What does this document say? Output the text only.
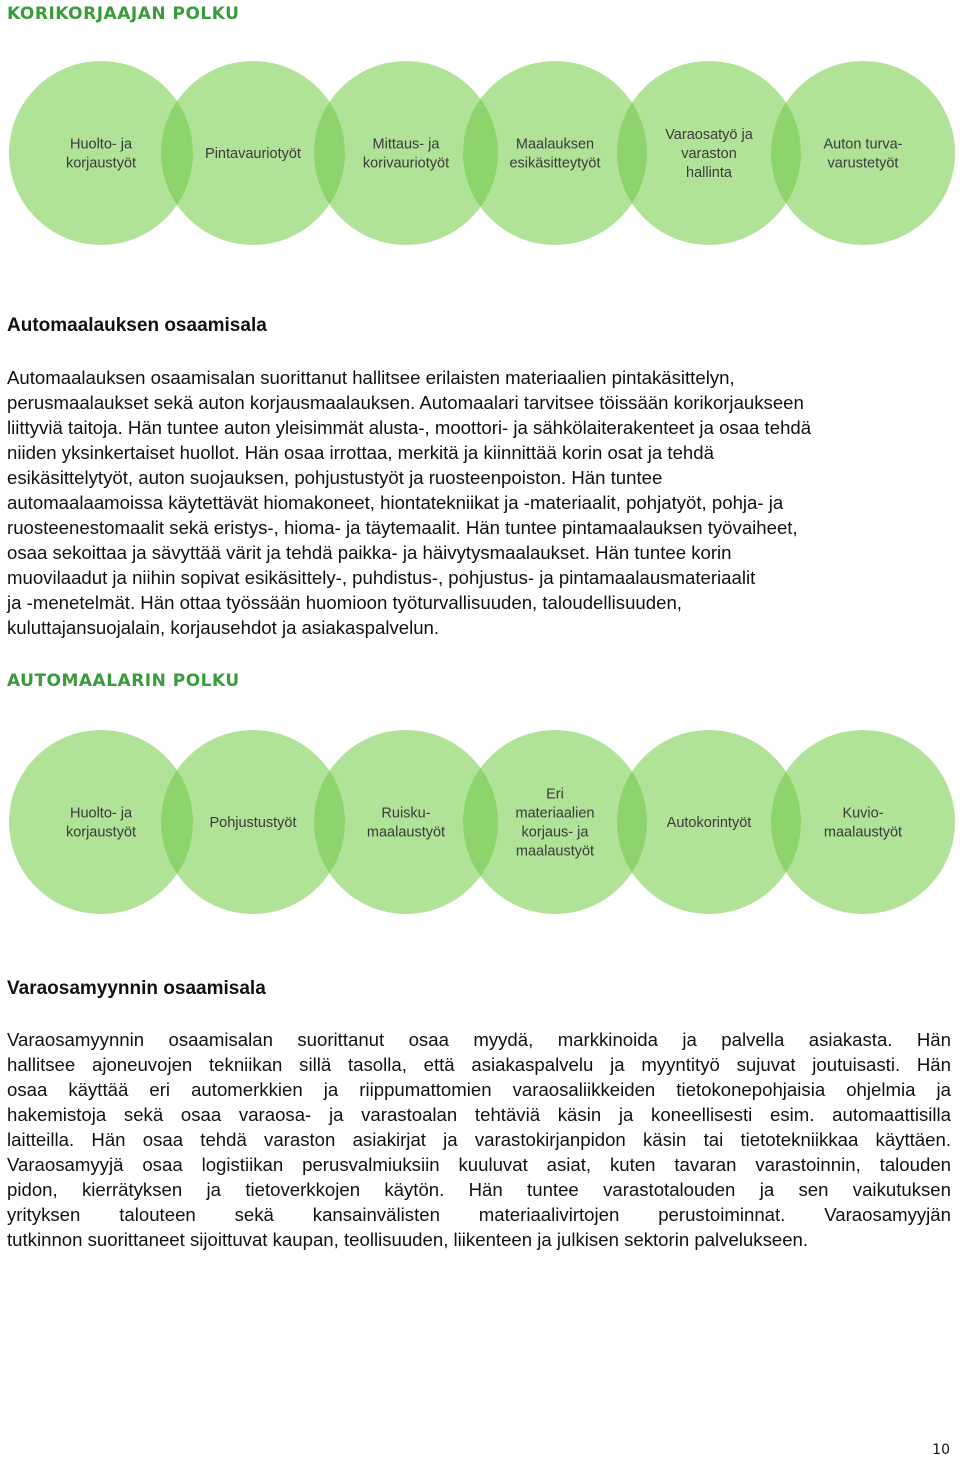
KORIKORJAAJAN POLKU
Huolto- ja korjaustyöt
Pintavauriotyöt
Mittaus- ja korivauriotyöt
Maalauksen esikäsitteytyöt
Varaosatyö ja varaston hallinta
Auton turva-varustetyöt
Automaalauksen osaamisala
Automaalauksen osaamisalan suorittanut hallitsee erilaisten materiaalien pintakäsittelyn,
perusmaalaukset sekä auton korjausmaalauksen. Automaalari tarvitsee töissään korikorjaukseen
liittyviä taitoja. Hän tuntee auton yleisimmät alusta-, moottori- ja sähkölaiterakenteet ja osaa tehdä
niiden yksinkertaiset huollot. Hän osaa irrottaa, merkitä ja kiinnittää korin osat ja tehdä
esikäsittelytyöt, auton suojauksen, pohjustustyöt ja ruosteenpoiston. Hän tuntee
automaalaamoissa käytettävät hiomakoneet, hiontatekniikat ja -materiaalit, pohjatyöt, pohja- ja
ruosteenestomaalit sekä eristys-, hioma- ja täytemaalit. Hän tuntee pintamaalauksen työvaiheet,
osaa sekoittaa ja sävyttää värit ja tehdä paikka- ja häivytysmaalaukset. Hän tuntee korin
muovilaadut ja niihin sopivat esikäsittely-, puhdistus-, pohjustus- ja pintamaalausmateriaalit
ja -menetelmät. Hän ottaa työssään huomioon työturvallisuuden, taloudellisuuden,
kuluttajansuojalain, korjausehdot ja asiakaspalvelun.
AUTOMAALARIN POLKU
Huolto- ja korjaustyöt
Pohjustustyöt
Ruisku-maalaustyöt
Eri materiaalien korjaus- ja maalaustyöt
Autokorintyöt
Kuvio-maalaustyöt
Varaosamyynnin osaamisala
Varaosamyynnin osaamisalan suorittanut osaa myydä, markkinoida ja palvella asiakasta. Hän
hallitsee ajoneuvojen tekniikan sillä tasolla, että asiakaspalvelu ja myyntityö sujuvat joutuisasti. Hän
osaa käyttää eri automerkkien ja riippumattomien varaosaliikkeiden tietokonepohjaisia ohjelmia ja
hakemistoja sekä osaa varaosa- ja varastoalan tehtäviä käsin ja koneellisesti esim. automaattisilla
laitteilla. Hän osaa tehdä varaston asiakirjat ja varastokirjanpidon käsin tai tietotekniikkaa käyttäen.
Varaosamyyjä osaa logistiikan perusvalmiuksiin kuuluvat asiat, kuten tavaran varastoinnin, talouden
pidon, kierrätyksen ja tietoverkkojen käytön. Hän tuntee varastotalouden ja sen vaikutuksen
yrityksen talouteen sekä kansainvälisten materiaalivirtojen perustoiminnat. Varaosamyyjän
tutkinnon suorittaneet sijoittuvat kaupan, teollisuuden, liikenteen ja julkisen sektorin palvelukseen.
10
